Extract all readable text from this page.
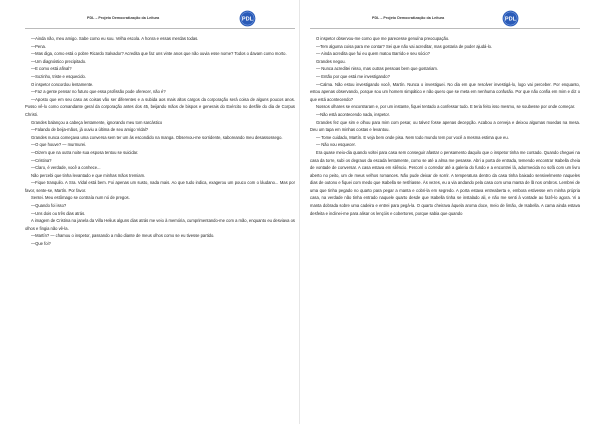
PDL – Projeto Democratização da Leitura	PDL

—Ainda não, meu amigo. Sabe como eu sou. Velha escola. A honra e essas merdas todas.

—Pena.

—Mas diga, como está o pobre Ricardo Salvador? Acredita que faz uns vinte anos que não ouvia esse nome? Todos o davam como morto.

—Um diagnóstico precipitado.

—E como está afinal?

—Sozinho, triste e esquecido.

O inspetor concordou lentamente.

—Faz a gente pensar no futuro que essa profissão pode oferecer, não é?

—Aposto que em seu caso as coisas vão ser diferentes e a subida aos mais altos cargos da corporação será coisa de alguns poucos anos. Posso vê-lo como comandante geral da corporação antes dos 45, beijando mãos de bispos e generais do Exército no desfile do dia de Corpus Christi.

Grandes balançou a cabeça lentamente, ignorando meu tom sarcástico

—Falando de beija-mãos, já ouviu a última de seu amigo Vidal?

Grandes nunca começava uma conversa sem ter um ás escondido na manga. Observou-me sorridente, saboreando meu desassossego.

—O que houve? — murmurei.

—Dizem que na outra noite sua esposa tentou se suicidar.

—Cristina?

—Claro, é verdade, você a conhece...

Não percebi que tinha levantado e que minhas mãos tremiam.

—Fique tranquilo. A Sra. Vidal está bem. Foi apenas um susto, nada mais. Ao que tudo indica, exagerou um pouco com o láudano... Mas por favor, sente-se, Martín. Por favor.

Sentei. Meu estômago se contraía num nó de pregos.

—Quando foi isso?

—Uns dois ou três dias atrás.

A imagem de Cristina na janela da Villa Helius alguns dias atrás me veio à memória, cumprimentando-me com a mão, enquanto eu desviava os olhos e fingia não vê-la.

—Martín? — chamou o inspetor, passando a mão diante de meus olhos como se eu tivesse partido.

—Que foi?

PDL – Projeto Democratização da Leitura	PDL

O inspetor observou-me como que me parecesse genuína preocupação.

—Tem alguma coisa para me contar? Sei que não vai acreditar, mas gostaria de poder ajudá-lo.

— Ainda acredita que fui eu quem matou Barrido e seu sócio?

Grandes negou.

— Nunca acreditei nisso, mas outras pessoas bem que gostariam.

— Então por que está me investigando?

—Calma. Não estou investigando você, Martín. Nunca o investiguei. No dia em que resolver investigá-lo, logo vai perceber. Por enquanto, estou apenas observando, porque sou um homem simpático e não quero que se meta em nenhuma confusão. Por que não confia em mim e diz o que está acontecendo?

Nossos olhares se encontraram e, por um instante, fiquei tentado a confessar tudo. E teria feito isso mesmo, se soubesse por onde começar.

—Não está acontecendo nada, inspetor.

Grandes fez que sim e olhou para mim com pesar, ou talvez fosse apenas decepção. Acabou a cerveja e deixou algumas moedas na mesa. Deu um tapa em minhas costas e levantou.

— Tome cuidado, Martín. E veja bem onde pisa. Nem todo mundo tem por você a mesma estima que eu.

— Não vou esquecer.

Era quase meio-dia quando voltei para casa sem conseguir afastar o pensamento daquilo que o inspetor tinha me contado. Quando cheguei na casa da torre, subi os degraus da escada lentamente, como se até a alma me pesasse. Abri a porta de entrada, temendo encontrar Isabella cheia de vontade de conversar. A casa estava em silêncio. Percorri o corredor até a galeria do fundo e a encontrei lá, adormecida no sofá com um livro aberto no peito, um de meus velhos romances. Não pude deixar de sorrir. A temperatura dentro da casa tinha baixado sensivelmente naqueles dias de outono e fiquei com medo que Isabella se resfriasse. Às vezes, eu a via andando pela casa com uma manta de lã nos ombros. Lembrei de uma que tinha pegado no quarto para pegar a manta e cobri-la em segredo. A porta estava entreaberta e, embora estivesse em minha própria casa, na verdade não tinha entrado naquele quarto desde que Isabella tinha se instalado ali, e não me senti à vontade ao fazê-lo agora. Vi a manta dobrada sobre uma cadeira e entrei para pegá-la. O quarto cheirava àquela aroma doce, meio de limão, de Isabella. A cama ainda estava desfeita e inclinei-me para alisar os lençóis e cobertores, porque sabia que quando
